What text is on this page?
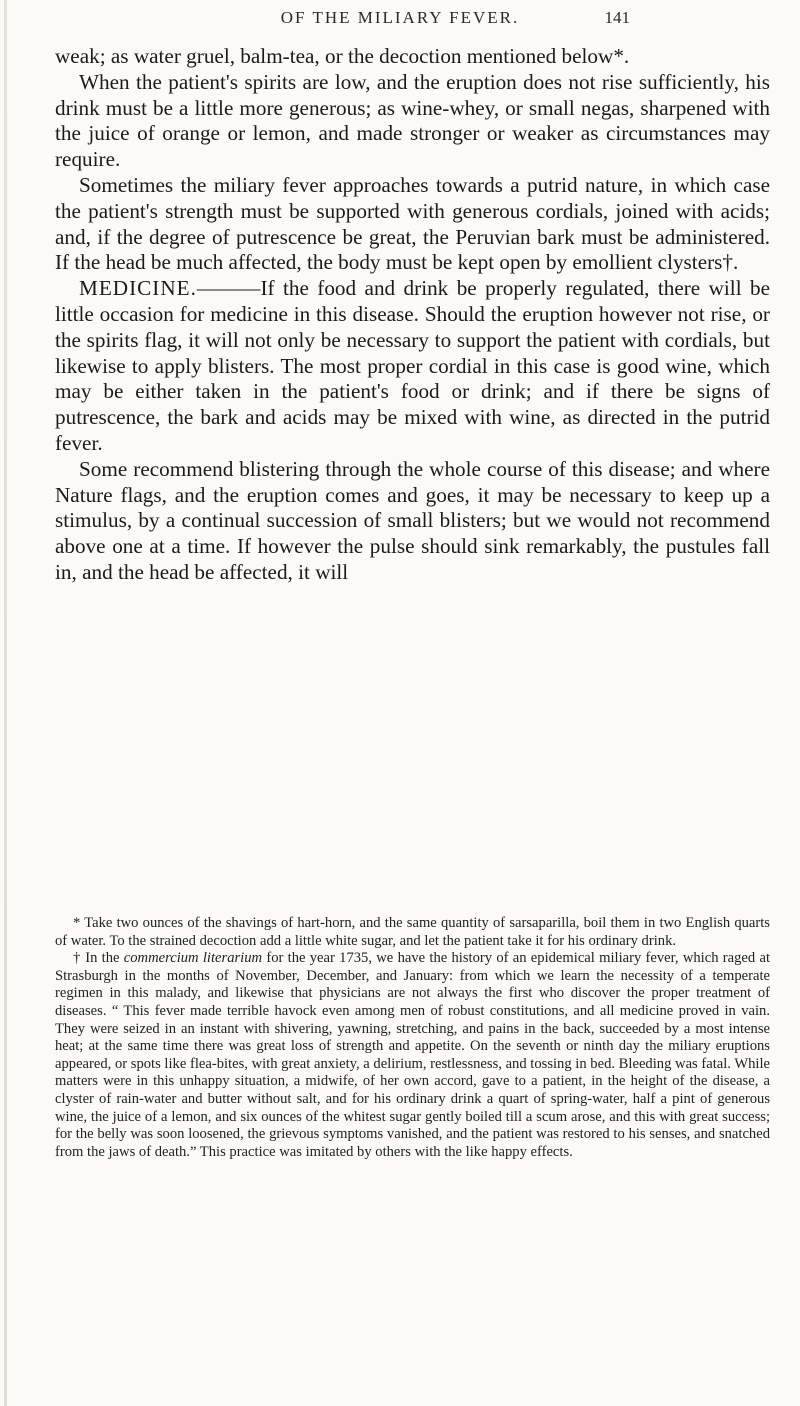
OF THE MILIARY FEVER.	141

weak; as water gruel, balm-tea, or the decoction mentioned below*.

When the patient's spirits are low, and the eruption does not rise sufficiently, his drink must be a little more generous; as wine-whey, or small negas, sharpened with the juice of orange or lemon, and made stronger or weaker as circumstances may require.

Sometimes the miliary fever approaches towards a putrid nature, in which case the patient's strength must be supported with generous cordials, joined with acids; and, if the degree of putrescence be great, the Peruvian bark must be administered. If the head be much affected, the body must be kept open by emollient clysters†.

MEDICINE.———If the food and drink be properly regulated, there will be little occasion for medicine in this disease. Should the eruption however not rise, or the spirits flag, it will not only be necessary to support the patient with cordials, but likewise to apply blisters. The most proper cordial in this case is good wine, which may be either taken in the patient's food or drink; and if there be signs of putrescence, the bark and acids may be mixed with wine, as directed in the putrid fever.

Some recommend blistering through the whole course of this disease; and where Nature flags, and the eruption comes and goes, it may be necessary to keep up a stimulus, by a continual succession of small blisters; but we would not recommend above one at a time. If however the pulse should sink remarkably, the pustules fall in, and the head be affected, it will

* Take two ounces of the shavings of hart-horn, and the same quantity of sarsaparilla, boil them in two English quarts of water. To the strained decoction add a little white sugar, and let the patient take it for his ordinary drink.

† In the commercium literarium for the year 1735, we have the history of an epidemical miliary fever, which raged at Strasburgh in the months of November, December, and January: from which we learn the necessity of a temperate regimen in this malady, and likewise that physicians are not always the first who discover the proper treatment of diseases. “ This fever made terrible havock even among men of robust constitutions, and all medicine proved in vain. They were seized in an instant with shivering, yawning, stretching, and pains in the back, succeeded by a most intense heat; at the same time there was great loss of strength and appetite. On the seventh or ninth day the miliary eruptions appeared, or spots like flea-bites, with great anxiety, a delirium, restlessness, and tossing in bed. Bleeding was fatal. While matters were in this unhappy situation, a midwife, of her own accord, gave to a patient, in the height of the disease, a clyster of rain-water and butter without salt, and for his ordinary drink a quart of spring-water, half a pint of generous wine, the juice of a lemon, and six ounces of the whitest sugar gently boiled till a scum arose, and this with great success; for the belly was soon loosened, the grievous symptoms vanished, and the patient was restored to his senses, and snatched from the jaws of death.” This practice was imitated by others with the like happy effects.
